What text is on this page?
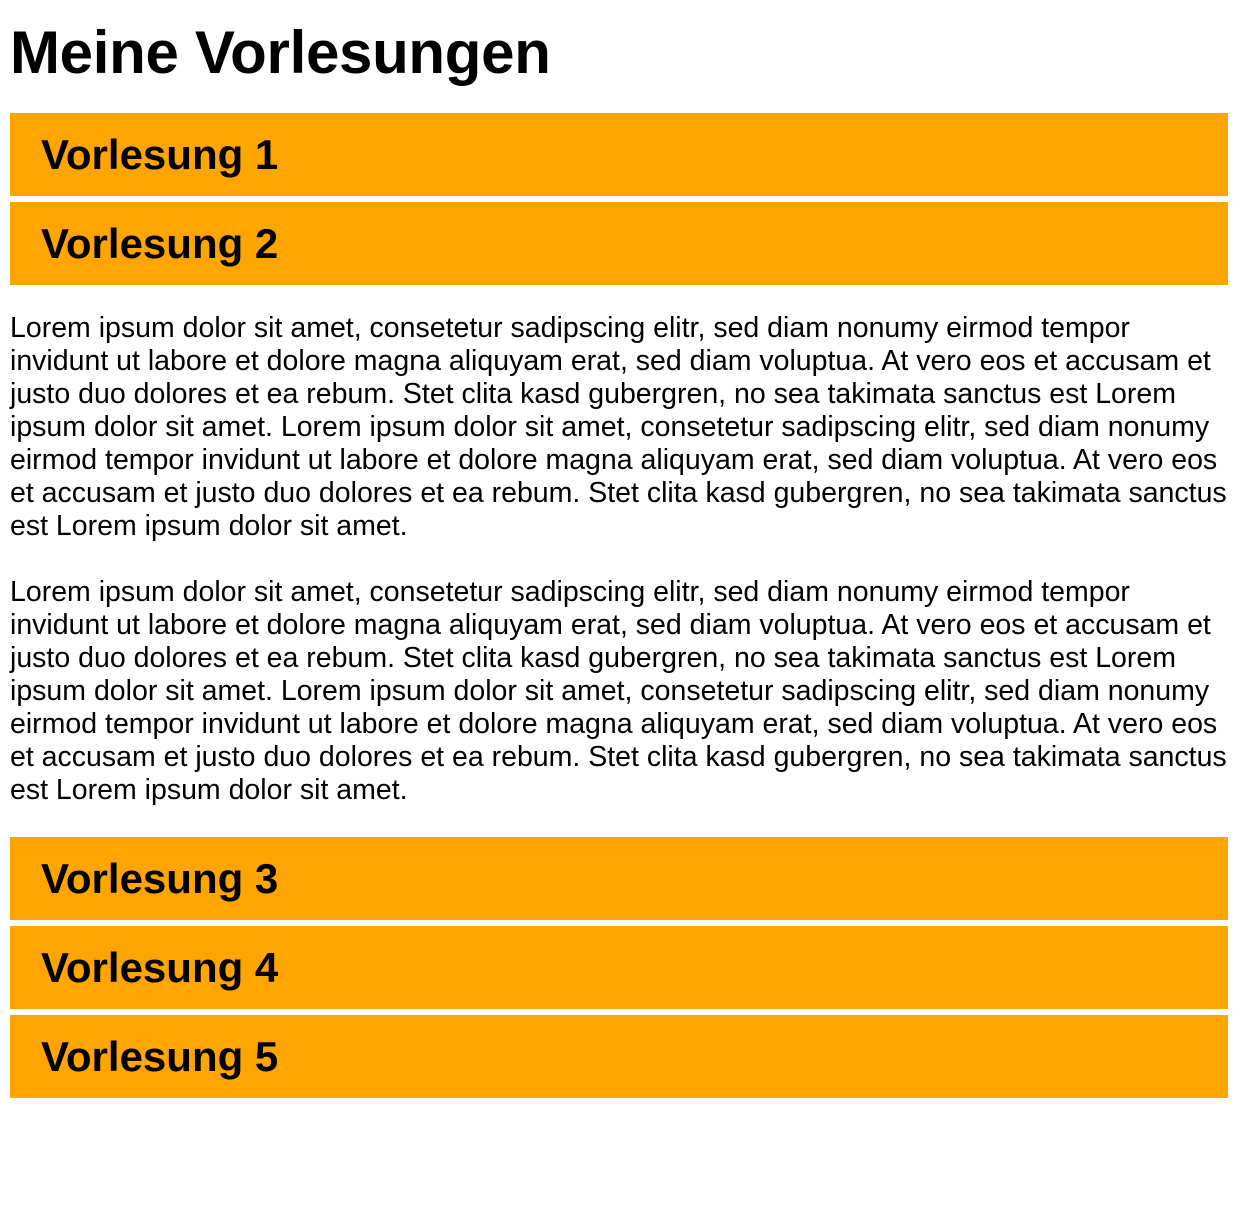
Meine Vorlesungen
Vorlesung 1
Vorlesung 2

Lorem ipsum dolor sit amet, consetetur sadipscing elitr, sed diam nonumy eirmod tempor invidunt ut labore et dolore magna aliquyam erat, sed diam voluptua. At vero eos et accusam et justo duo dolores et ea rebum. Stet clita kasd gubergren, no sea takimata sanctus est Lorem ipsum dolor sit amet. Lorem ipsum dolor sit amet, consetetur sadipscing elitr, sed diam nonumy eirmod tempor invidunt ut labore et dolore magna aliquyam erat, sed diam voluptua. At vero eos et accusam et justo duo dolores et ea rebum. Stet clita kasd gubergren, no sea takimata sanctus est Lorem ipsum dolor sit amet.

Lorem ipsum dolor sit amet, consetetur sadipscing elitr, sed diam nonumy eirmod tempor invidunt ut labore et dolore magna aliquyam erat, sed diam voluptua. At vero eos et accusam et justo duo dolores et ea rebum. Stet clita kasd gubergren, no sea takimata sanctus est Lorem ipsum dolor sit amet. Lorem ipsum dolor sit amet, consetetur sadipscing elitr, sed diam nonumy eirmod tempor invidunt ut labore et dolore magna aliquyam erat, sed diam voluptua. At vero eos et accusam et justo duo dolores et ea rebum. Stet clita kasd gubergren, no sea takimata sanctus est Lorem ipsum dolor sit amet.

Vorlesung 3
Vorlesung 4
Vorlesung 5
